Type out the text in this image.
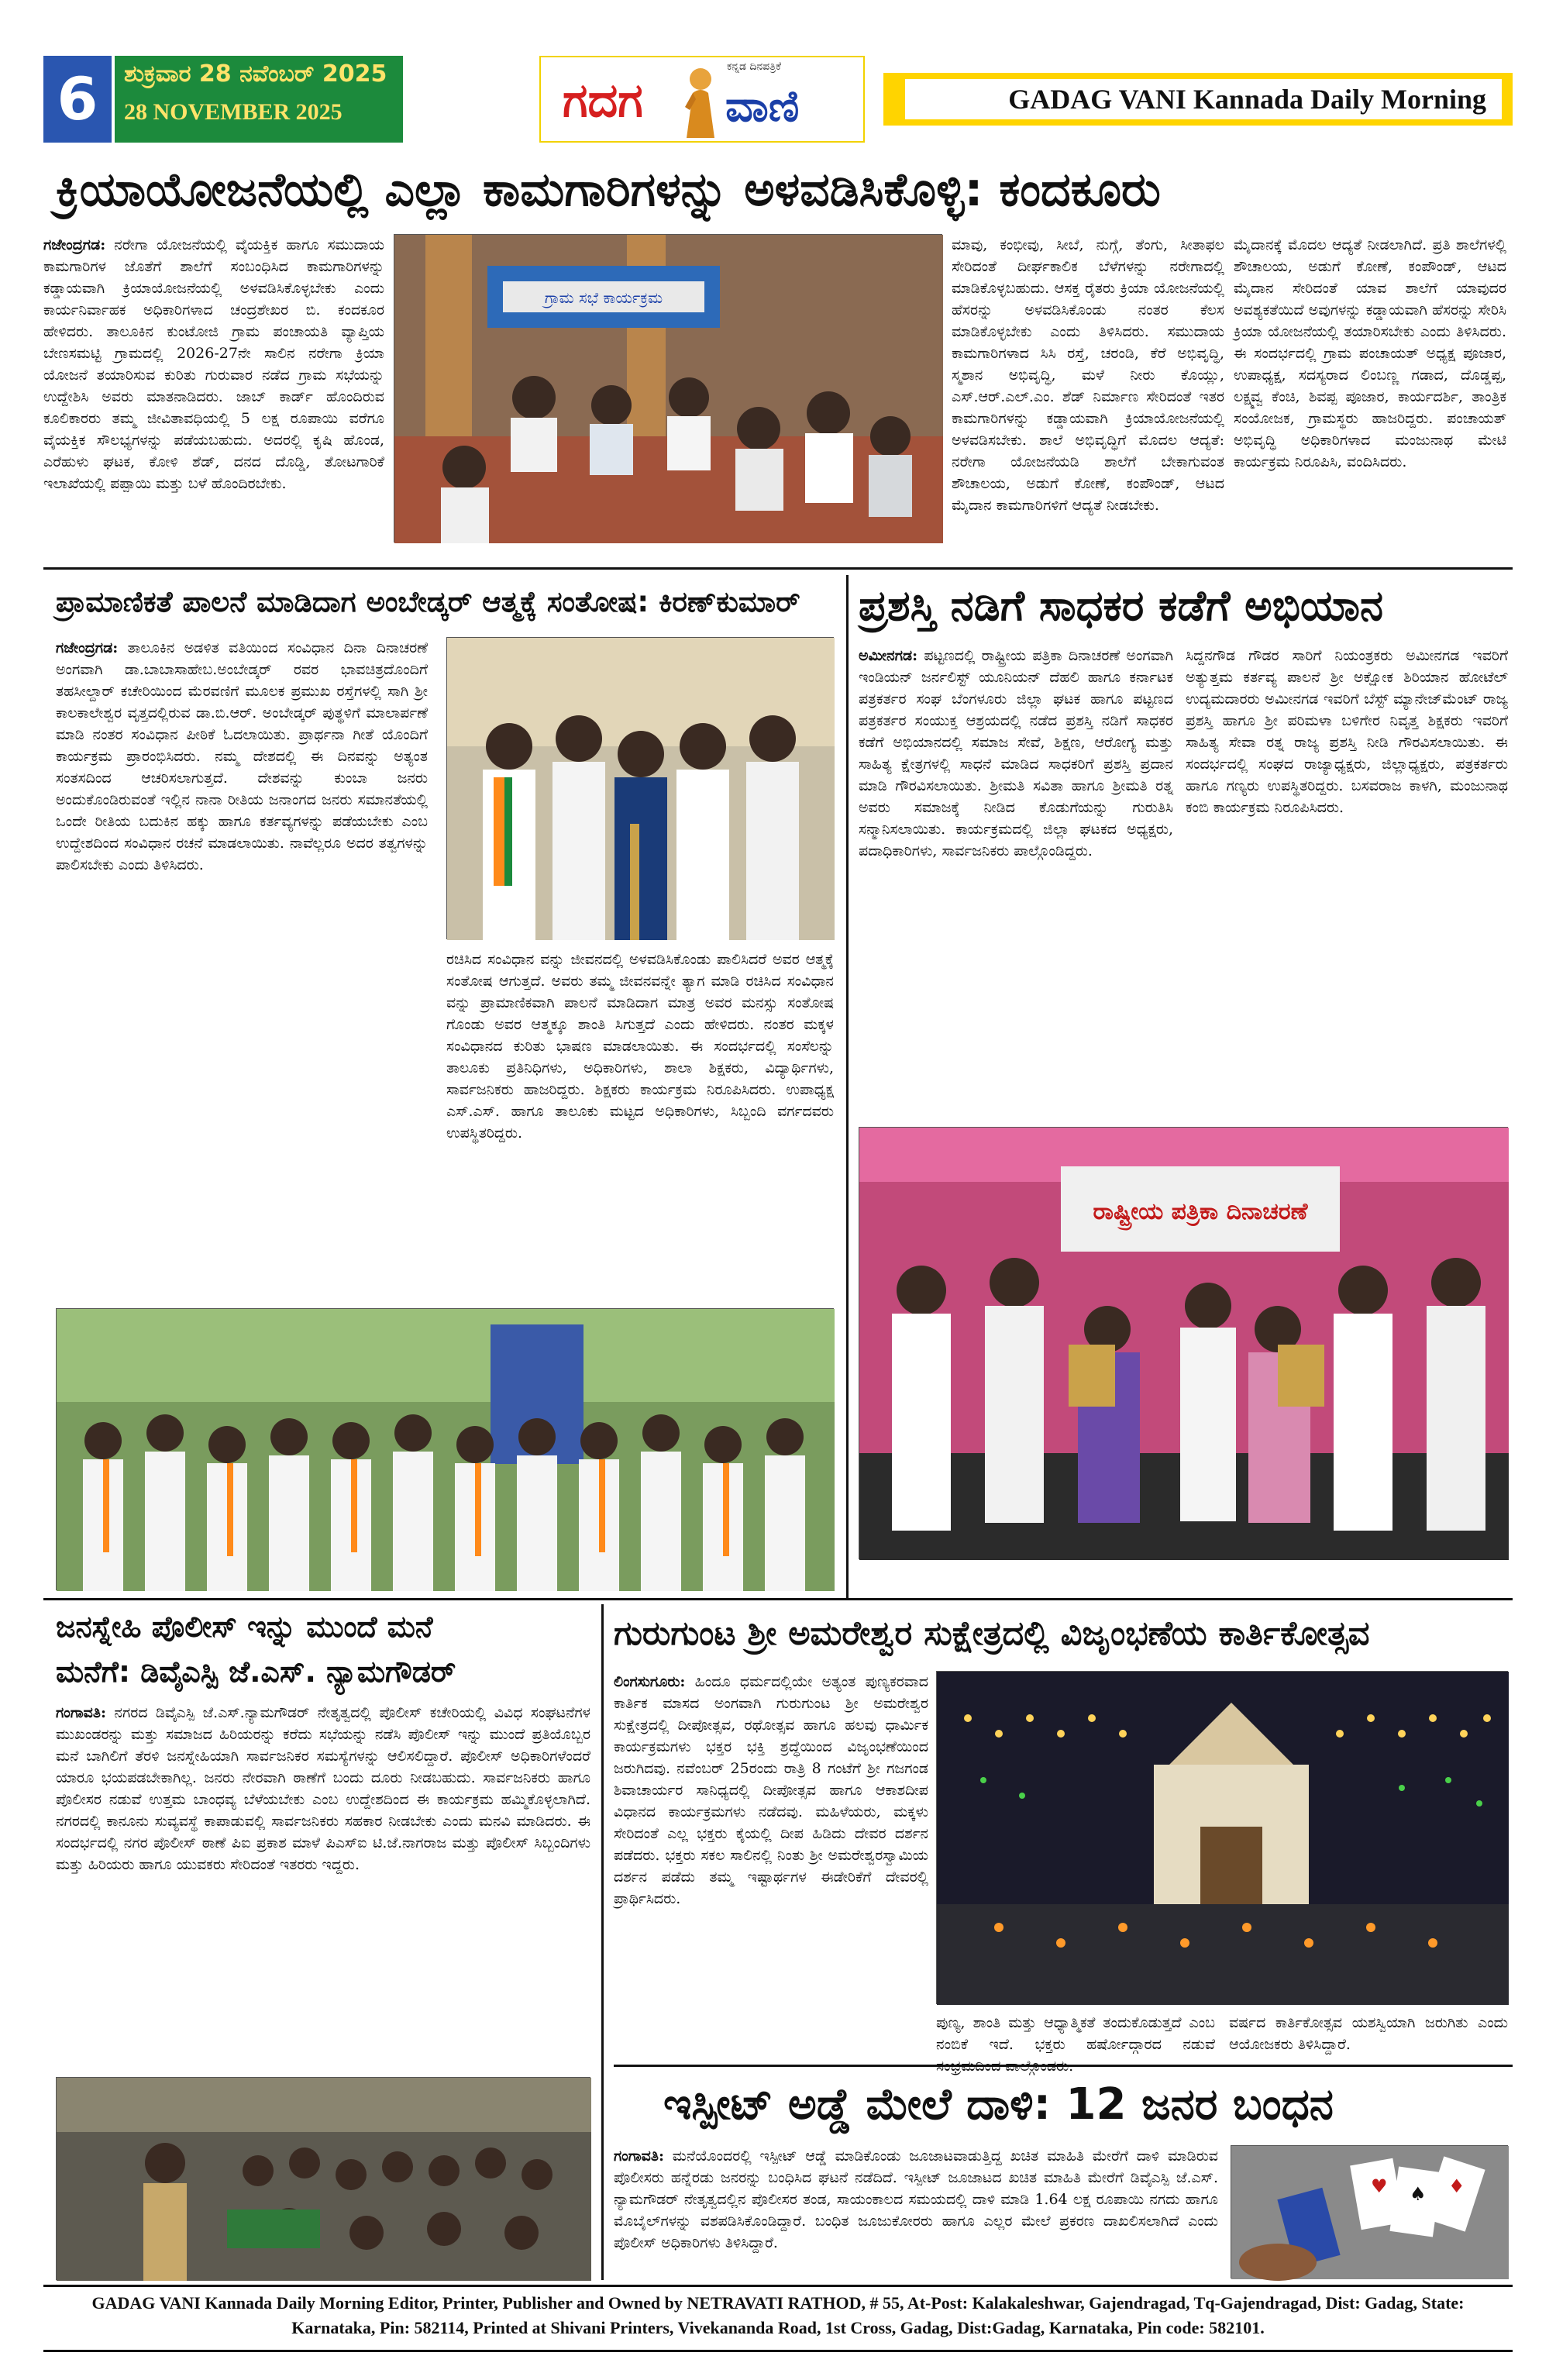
6	ಶುಕ್ರವಾರ 28 ನವೆಂಬರ್ 2025
28 NOVEMBER 2025	ಗದಗ
ಕನ್ನಡ ದಿನಪತ್ರಿಕೆ
ವಾಣಿ	GADAG VANI Kannada Daily Morning
ಕ್ರಿಯಾಯೋಜನೆಯಲ್ಲಿ ಎಲ್ಲಾ ಕಾಮಗಾರಿಗಳನ್ನು ಅಳವಡಿಸಿಕೊಳ್ಳಿ: ಕಂದಕೂರು
ಗಜೇಂದ್ರಗಡ: ನರೇಗಾ ಯೋಜನೆಯಲ್ಲಿ ವೈಯಕ್ತಿಕ ಹಾಗೂ ಸಮುದಾಯ ಕಾಮಗಾರಿಗಳ ಜೊತೆಗೆ ಶಾಲೆಗೆ ಸಂಬಂಧಿಸಿದ ಕಾಮಗಾರಿಗಳನ್ನು ಕಡ್ಡಾಯವಾಗಿ ಕ್ರಿಯಾಯೋಜನೆಯಲ್ಲಿ ಅಳವಡಿಸಿಕೊಳ್ಳಬೇಕು ಎಂದು ಕಾರ್ಯನಿರ್ವಾಹಕ ಅಧಿಕಾರಿಗಳಾದ ಚಂದ್ರಶೇಖರ ಬಿ. ಕಂದಕೂರ ಹೇಳಿದರು. ತಾಲೂಕಿನ ಕುಂಟೋಜಿ ಗ್ರಾಮ ಪಂಚಾಯತಿ ವ್ಯಾಪ್ತಿಯ ಬೇಣಸಮಟ್ಟಿ ಗ್ರಾಮದಲ್ಲಿ 2026-27ನೇ ಸಾಲಿನ ನರೇಗಾ ಕ್ರಿಯಾ ಯೋಜನೆ ತಯಾರಿಸುವ ಕುರಿತು ಗುರುವಾರ ನಡೆದ ಗ್ರಾಮ ಸಭೆಯನ್ನು ಉದ್ದೇಶಿಸಿ ಅವರು ಮಾತನಾಡಿದರು. ಜಾಬ್ ಕಾರ್ಡ್ ಹೊಂದಿರುವ ಕೂಲಿಕಾರರು ತಮ್ಮ ಜೀವಿತಾವಧಿಯಲ್ಲಿ 5 ಲಕ್ಷ ರೂಪಾಯಿ ವರೆಗೂ ವೈಯಕ್ತಿಕ ಸೌಲಭ್ಯಗಳನ್ನು ಪಡೆಯಬಹುದು. ಅದರಲ್ಲಿ ಕೃಷಿ ಹೊಂಡ, ಎರೆಹುಳು ಘಟಕ, ಕೋಳಿ ಶೆಡ್, ದನದ ದೊಡ್ಡಿ, ತೋಟಗಾರಿಕೆ ಇಲಾಖೆಯಲ್ಲಿ ಪಪ್ಪಾಯಿ ಮತ್ತು ಬಳೆ ಹೊಂದಿರಬೇಕು.
ಗ್ರಾಮ ಸಭೆ ಕಾರ್ಯಕ್ರಮ
ಮಾವು, ಕಂಭೀವು, ಸೀಬೆ, ನುಗ್ಗೆ, ತೆಂಗು, ಸೀತಾಫಲ ಸೇರಿದಂತೆ ದೀರ್ಘಕಾಲಿಕ ಬೆಳೆಗಳನ್ನು ನರೇಗಾದಲ್ಲಿ ಮಾಡಿಕೊಳ್ಳಬಹುದು. ಆಸಕ್ತ ರೈತರು ಕ್ರಿಯಾ ಯೋಜನೆಯಲ್ಲಿ ಹೆಸರನ್ನು ಅಳವಡಿಸಿಕೊಂಡು ನಂತರ ಕೆಲಸ ಮಾಡಿಕೊಳ್ಳಬೇಕು ಎಂದು ತಿಳಿಸಿದರು. ಸಮುದಾಯ ಕಾಮಗಾರಿಗಳಾದ ಸಿಸಿ ರಸ್ತೆ, ಚರಂಡಿ, ಕೆರೆ ಅಭಿವೃದ್ಧಿ, ಸ್ಮಶಾನ ಅಭಿವೃದ್ಧಿ, ಮಳೆ ನೀರು ಕೊಯ್ಲು, ಎಸ್.ಆರ್.ಎಲ್.ಎಂ. ಶೆಡ್ ನಿರ್ಮಾಣ ಸೇರಿದಂತೆ ಇತರ ಕಾಮಗಾರಿಗಳನ್ನು ಕಡ್ಡಾಯವಾಗಿ ಕ್ರಿಯಾಯೋಜನೆಯಲ್ಲಿ ಅಳವಡಿಸಬೇಕು. ಶಾಲೆ ಅಭಿವೃದ್ಧಿಗೆ ಮೊದಲ ಆದ್ಯತೆ: ನರೇಗಾ ಯೋಜನೆಯಡಿ ಶಾಲೆಗೆ ಬೇಕಾಗುವಂತ ಶೌಚಾಲಯ, ಅಡುಗೆ ಕೋಣೆ, ಕಂಪೌಂಡ್, ಆಟದ ಮೈದಾನ ಕಾಮಗಾರಿಗಳಿಗೆ ಆದ್ಯತೆ ನೀಡಬೇಕು.
ಮೈದಾನಕ್ಕೆ ಮೊದಲ ಆದ್ಯತೆ ನೀಡಲಾಗಿದೆ. ಪ್ರತಿ ಶಾಲೆಗಳಲ್ಲಿ ಶೌಚಾಲಯ, ಅಡುಗೆ ಕೋಣೆ, ಕಂಪೌಂಡ್, ಆಟದ ಮೈದಾನ ಸೇರಿದಂತೆ ಯಾವ ಶಾಲೆಗೆ ಯಾವುದರ ಅವಶ್ಯಕತೆಯಿದೆ ಅವುಗಳನ್ನು ಕಡ್ಡಾಯವಾಗಿ ಹೆಸರನ್ನು ಸೇರಿಸಿ ಕ್ರಿಯಾ ಯೋಜನೆಯಲ್ಲಿ ತಯಾರಿಸಬೇಕು ಎಂದು ತಿಳಿಸಿದರು. ಈ ಸಂದರ್ಭದಲ್ಲಿ ಗ್ರಾಮ ಪಂಚಾಯತ್ ಅಧ್ಯಕ್ಷ ಪೂಜಾರ, ಉಪಾಧ್ಯಕ್ಷ, ಸದಸ್ಯರಾದ ಲಿಂಬಣ್ಣ ಗಡಾದ, ದೊಡ್ಡಪ್ಪ, ಲಕ್ಷ್ಮವ್ವ ಕೆಂಚಿ, ಶಿವಪ್ಪ ಪೂಜಾರ, ಕಾರ್ಯದರ್ಶಿ, ತಾಂತ್ರಿಕ ಸಂಯೋಜಕ, ಗ್ರಾಮಸ್ಥರು ಹಾಜರಿದ್ದರು. ಪಂಚಾಯತ್ ಅಭಿವೃದ್ಧಿ ಅಧಿಕಾರಿಗಳಾದ ಮಂಜುನಾಥ ಮೇಟಿ ಕಾರ್ಯಕ್ರಮ ನಿರೂಪಿಸಿ, ವಂದಿಸಿದರು.
ಪ್ರಾಮಾಣಿಕತೆ ಪಾಲನೆ ಮಾಡಿದಾಗ ಅಂಬೇಡ್ಕರ್ ಆತ್ಮಕ್ಕೆ ಸಂತೋಷ: ಕಿರಣ್‌ಕುಮಾರ್
ಗಜೇಂದ್ರಗಡ: ತಾಲೂಕಿನ ಅಡಳಿತ ವತಿಯಿಂದ ಸಂವಿಧಾನ ದಿನಾ ದಿನಾಚರಣೆ ಅಂಗವಾಗಿ ಡಾ.ಬಾಬಾಸಾಹೇಬ.ಅಂಬೇಡ್ಕರ್ ರವರ ಭಾವಚಿತ್ರದೊಂದಿಗೆ ತಹಸೀಲ್ದಾರ್ ಕಚೇರಿಯಿಂದ ಮೆರವಣಿಗೆ ಮೂಲಕ ಪ್ರಮುಖ ರಸ್ತೆಗಳಲ್ಲಿ ಸಾಗಿ ಶ್ರೀ ಕಾಲಕಾಲೇಶ್ವರ ವೃತ್ತದಲ್ಲಿರುವ ಡಾ.ಬಿ.ಆರ್. ಅಂಬೇಡ್ಕರ್ ಪುತ್ಥಳಿಗೆ ಮಾಲಾರ್ಪಣೆ ಮಾಡಿ ನಂತರ ಸಂವಿಧಾನ ಪೀಠಿಕೆ ಓದಲಾಯಿತು. ಪ್ರಾರ್ಥನಾ ಗೀತೆ ಯೊಂದಿಗೆ ಕಾರ್ಯಕ್ರಮ ಪ್ರಾರಂಭಿಸಿದರು. ನಮ್ಮ ದೇಶದಲ್ಲಿ ಈ ದಿನವನ್ನು ಅತ್ಯಂತ ಸಂತಸದಿಂದ ಆಚರಿಸಲಾಗುತ್ತದೆ. ದೇಶವನ್ನು ಕುಂಬಾ ಜನರು ಅಂದುಕೊಂಡಿರುವಂತೆ ಇಲ್ಲಿನ ನಾನಾ ರೀತಿಯ ಜನಾಂಗದ ಜನರು ಸಮಾನತೆಯಲ್ಲಿ ಒಂದೇ ರೀತಿಯ ಬದುಕಿನ ಹಕ್ಕು ಹಾಗೂ ಕರ್ತವ್ಯಗಳನ್ನು ಪಡೆಯಬೇಕು ಎಂಬ ಉದ್ದೇಶದಿಂದ ಸಂವಿಧಾನ ರಚನೆ ಮಾಡಲಾಯಿತು. ನಾವೆಲ್ಲರೂ ಅದರ ತತ್ವಗಳನ್ನು ಪಾಲಿಸಬೇಕು ಎಂದು ತಿಳಿಸಿದರು.
ರಚಿಸಿದ ಸಂವಿಧಾನ ವನ್ನು ಜೀವನದಲ್ಲಿ ಅಳವಡಿಸಿಕೊಂಡು ಪಾಲಿಸಿದರೆ ಅವರ ಆತ್ಮಕ್ಕೆ ಸಂತೋಷ ಆಗುತ್ತದೆ. ಅವರು ತಮ್ಮ ಜೀವನವನ್ನೇ ತ್ಯಾಗ ಮಾಡಿ ರಚಿಸಿದ ಸಂವಿಧಾನ ವನ್ನು ಪ್ರಾಮಾಣಿಕವಾಗಿ ಪಾಲನೆ ಮಾಡಿದಾಗ ಮಾತ್ರ ಅವರ ಮನಸ್ಸು ಸಂತೋಷ ಗೊಂಡು ಅವರ ಆತ್ಮಕ್ಕೂ ಶಾಂತಿ ಸಿಗುತ್ತದೆ ಎಂದು ಹೇಳಿದರು. ನಂತರ ಮಕ್ಕಳ ಸಂವಿಧಾನದ ಕುರಿತು ಭಾಷಣ ಮಾಡಲಾಯಿತು. ಈ ಸಂದರ್ಭದಲ್ಲಿ ಸಂಸೆಲನ್ನು ತಾಲೂಕು ಪ್ರತಿನಿಧಿಗಳು, ಅಧಿಕಾರಿಗಳು, ಶಾಲಾ ಶಿಕ್ಷಕರು, ವಿದ್ಯಾರ್ಥಿಗಳು, ಸಾರ್ವಜನಿಕರು ಹಾಜರಿದ್ದರು. ಶಿಕ್ಷಕರು ಕಾರ್ಯಕ್ರಮ ನಿರೂಪಿಸಿದರು. ಉಪಾಧ್ಯಕ್ಷ ಎಸ್.ಎಸ್. ಹಾಗೂ ತಾಲೂಕು ಮಟ್ಟದ ಅಧಿಕಾರಿಗಳು, ಸಿಬ್ಬಂದಿ ವರ್ಗದವರು ಉಪಸ್ಥಿತರಿದ್ದರು.
ಪ್ರಶಸ್ತಿ ನಡಿಗೆ ಸಾಧಕರ ಕಡೆಗೆ ಅಭಿಯಾನ
ಅಮೀನಗಡ: ಪಟ್ಟಣದಲ್ಲಿ ರಾಷ್ಟ್ರೀಯ ಪತ್ರಿಕಾ ದಿನಾಚರಣೆ ಅಂಗವಾಗಿ ಇಂಡಿಯನ್ ಜರ್ನಲಿಸ್ಟ್ ಯೂನಿಯನ್ ದೆಹಲಿ ಹಾಗೂ ಕರ್ನಾಟಕ ಪತ್ರಕರ್ತರ ಸಂಘ ಬೆಂಗಳೂರು ಜಿಲ್ಲಾ ಘಟಕ ಹಾಗೂ ಪಟ್ಟಣದ ಪತ್ರಕರ್ತರ ಸಂಯುಕ್ತ ಆಶ್ರಯದಲ್ಲಿ ನಡೆದ ಪ್ರಶಸ್ತಿ ನಡಿಗೆ ಸಾಧಕರ ಕಡೆಗೆ ಅಭಿಯಾನದಲ್ಲಿ ಸಮಾಜ ಸೇವೆ, ಶಿಕ್ಷಣ, ಆರೋಗ್ಯ ಮತ್ತು ಸಾಹಿತ್ಯ ಕ್ಷೇತ್ರಗಳಲ್ಲಿ ಸಾಧನೆ ಮಾಡಿದ ಸಾಧಕರಿಗೆ ಪ್ರಶಸ್ತಿ ಪ್ರದಾನ ಮಾಡಿ ಗೌರವಿಸಲಾಯಿತು. ಶ್ರೀಮತಿ ಸವಿತಾ ಹಾಗೂ ಶ್ರೀಮತಿ ರತ್ನ ಅವರು ಸಮಾಜಕ್ಕೆ ನೀಡಿದ ಕೊಡುಗೆಯನ್ನು ಗುರುತಿಸಿ ಸನ್ಮಾನಿಸಲಾಯಿತು. ಕಾರ್ಯಕ್ರಮದಲ್ಲಿ ಜಿಲ್ಲಾ ಘಟಕದ ಅಧ್ಯಕ್ಷರು, ಪದಾಧಿಕಾರಿಗಳು, ಸಾರ್ವಜನಿಕರು ಪಾಲ್ಗೊಂಡಿದ್ದರು.
ಸಿದ್ದನಗೌಡ ಗೌಡರ ಸಾರಿಗೆ ನಿಯಂತ್ರಕರು ಅಮೀನಗಡ ಇವರಿಗೆ ಅತ್ಯುತ್ತಮ ಕರ್ತವ್ಯ ಪಾಲನೆ ಶ್ರೀ ಅಕ್ಷೋಕ ಶಿರಿಯಾನ ಹೋಟೆಲ್ ಉದ್ಯಮದಾರರು ಅಮೀನಗಡ ಇವರಿಗೆ ಬೆಸ್ಟ್ ಮ್ಯಾನೇಜ್‌ಮೆಂಟ್ ರಾಜ್ಯ ಪ್ರಶಸ್ತಿ ಹಾಗೂ ಶ್ರೀ ಪರಿಮಳಾ ಬಳಿಗೇರ ನಿವೃತ್ತ ಶಿಕ್ಷಕರು ಇವರಿಗೆ ಸಾಹಿತ್ಯ ಸೇವಾ ರತ್ನ ರಾಜ್ಯ ಪ್ರಶಸ್ತಿ ನೀಡಿ ಗೌರವಿಸಲಾಯಿತು. ಈ ಸಂದರ್ಭದಲ್ಲಿ ಸಂಘದ ರಾಜ್ಯಾಧ್ಯಕ್ಷರು, ಜಿಲ್ಲಾಧ್ಯಕ್ಷರು, ಪತ್ರಕರ್ತರು ಹಾಗೂ ಗಣ್ಯರು ಉಪಸ್ಥಿತರಿದ್ದರು. ಬಸವರಾಜ ಕಾಳಗಿ, ಮಂಜುನಾಥ ಕಂಬಿ ಕಾರ್ಯಕ್ರಮ ನಿರೂಪಿಸಿದರು.
ರಾಷ್ಟ್ರೀಯ ಪತ್ರಿಕಾ ದಿನಾಚರಣೆ
ಜನಸ್ನೇಹಿ ಪೊಲೀಸ್ ಇನ್ನು ಮುಂದೆ ಮನೆ
ಮನೆಗೆ: ಡಿವೈಎಸ್ಪಿ ಜೆ.ಎಸ್. ನ್ಯಾಮಗೌಡರ್
ಗಂಗಾವತಿ: ನಗರದ ಡಿವೈಎಸ್ಪಿ ಜೆ.ಎಸ್.ನ್ಯಾಮಗೌಡರ್ ನೇತೃತ್ವದಲ್ಲಿ ಪೊಲೀಸ್ ಕಚೇರಿಯಲ್ಲಿ ವಿವಿಧ ಸಂಘಟನೆಗಳ ಮುಖಂಡರನ್ನು ಮತ್ತು ಸಮಾಜದ ಹಿರಿಯರನ್ನು ಕರೆದು ಸಭೆಯನ್ನು ನಡೆಸಿ ಪೊಲೀಸ್ ಇನ್ನು ಮುಂದೆ ಪ್ರತಿಯೊಬ್ಬರ ಮನೆ ಬಾಗಿಲಿಗೆ ತೆರಳಿ ಜನಸ್ನೇಹಿಯಾಗಿ ಸಾರ್ವಜನಿಕರ ಸಮಸ್ಯೆಗಳನ್ನು ಆಲಿಸಲಿದ್ದಾರೆ. ಪೊಲೀಸ್ ಅಧಿಕಾರಿಗಳೆಂದರೆ ಯಾರೂ ಭಯಪಡಬೇಕಾಗಿಲ್ಲ. ಜನರು ನೇರವಾಗಿ ಠಾಣೆಗೆ ಬಂದು ದೂರು ನೀಡಬಹುದು. ಸಾರ್ವಜನಿಕರು ಹಾಗೂ ಪೊಲೀಸರ ನಡುವೆ ಉತ್ತಮ ಬಾಂಧವ್ಯ ಬೆಳೆಯಬೇಕು ಎಂಬ ಉದ್ದೇಶದಿಂದ ಈ ಕಾರ್ಯಕ್ರಮ ಹಮ್ಮಿಕೊಳ್ಳಲಾಗಿದೆ. ನಗರದಲ್ಲಿ ಕಾನೂನು ಸುವ್ಯವಸ್ಥೆ ಕಾಪಾಡುವಲ್ಲಿ ಸಾರ್ವಜನಿಕರು ಸಹಕಾರ ನೀಡಬೇಕು ಎಂದು ಮನವಿ ಮಾಡಿದರು. ಈ ಸಂದರ್ಭದಲ್ಲಿ ನಗರ ಪೊಲೀಸ್ ಠಾಣೆ ಪಿಐ ಪ್ರಕಾಶ ಮಾಳೆ ಪಿಎಸ್ಐ ಟಿ.ಜೆ.ನಾಗರಾಜ ಮತ್ತು ಪೊಲೀಸ್ ಸಿಬ್ಬಂದಿಗಳು ಮತ್ತು ಹಿರಿಯರು ಹಾಗೂ ಯುವಕರು ಸೇರಿದಂತೆ ಇತರರು ಇದ್ದರು.
ಗುರುಗುಂಟ ಶ್ರೀ ಅಮರೇಶ್ವರ ಸುಕ್ಷೇತ್ರದಲ್ಲಿ ವಿಜೃಂಭಣೆಯ ಕಾರ್ತಿಕೋತ್ಸವ
ಲಿಂಗಸುಗೂರು: ಹಿಂದೂ ಧರ್ಮದಲ್ಲಿಯೇ ಅತ್ಯಂತ ಪುಣ್ಯಕರವಾದ ಕಾರ್ತಿಕ ಮಾಸದ ಅಂಗವಾಗಿ ಗುರುಗುಂಟ ಶ್ರೀ ಅಮರೇಶ್ವರ ಸುಕ್ಷೇತ್ರದಲ್ಲಿ ದೀಪೋತ್ಸವ, ರಥೋತ್ಸವ ಹಾಗೂ ಹಲವು ಧಾರ್ಮಿಕ ಕಾರ್ಯಕ್ರಮಗಳು ಭಕ್ತರ ಭಕ್ತಿ ಶ್ರದ್ಧೆಯಿಂದ ವಿಜೃಂಭಣೆಯಿಂದ ಜರುಗಿದವು. ನವೆಂಬರ್ 25ರಂದು ರಾತ್ರಿ 8 ಗಂಟೆಗೆ ಶ್ರೀ ಗಜಗಂಡ ಶಿವಾಚಾರ್ಯರ ಸಾನಿಧ್ಯದಲ್ಲಿ ದೀಪೋತ್ಸವ ಹಾಗೂ ಆಕಾಶದೀಪ ವಿಧಾನದ ಕಾರ್ಯಕ್ರಮಗಳು ನಡೆದವು. ಮಹಿಳೆಯರು, ಮಕ್ಕಳು ಸೇರಿದಂತೆ ಎಲ್ಲ ಭಕ್ತರು ಕೈಯಲ್ಲಿ ದೀಪ ಹಿಡಿದು ದೇವರ ದರ್ಶನ ಪಡೆದರು. ಭಕ್ತರು ಸಕಲ ಸಾಲಿನಲ್ಲಿ ನಿಂತು ಶ್ರೀ ಅಮರೇಶ್ವರಸ್ವಾಮಿಯ ದರ್ಶನ ಪಡೆದು ತಮ್ಮ ಇಷ್ಟಾರ್ಥಗಳ ಈಡೇರಿಕೆಗೆ ದೇವರಲ್ಲಿ ಪ್ರಾರ್ಥಿಸಿದರು.
ಪುಣ್ಯ, ಶಾಂತಿ ಮತ್ತು ಆಧ್ಯಾತ್ಮಿಕತೆ ತಂದುಕೊಡುತ್ತದೆ ಎಂಬ ನಂಬಿಕೆ ಇದೆ. ಭಕ್ತರು ಹರ್ಷೋದ್ಗಾರದ ನಡುವೆ
ವರ್ಷದ ಕಾರ್ತಿಕೋತ್ಸವ ಯಶಸ್ವಿಯಾಗಿ ಜರುಗಿತು ಎಂದು ಆಯೋಜಕರು ತಿಳಿಸಿದ್ದಾರೆ.
ಇಸ್ಪೀಟ್ ಅಡ್ಡೆ ಮೇಲೆ ದಾಳಿ: 12 ಜನರ ಬಂಧನ
ಗಂಗಾವತಿ: ಮನೆಯೊಂದರಲ್ಲಿ ಇಸ್ಪೀಟ್ ಆಡ್ಡೆ ಮಾಡಿಕೊಂಡು ಜೂಜಾಟವಾಡುತ್ತಿದ್ದ ಖಚಿತ ಮಾಹಿತಿ ಮೇರೆಗೆ ದಾಳಿ ಮಾಡಿರುವ ಪೊಲೀಸರು ಹನ್ನೆರಡು ಜನರನ್ನು ಬಂಧಿಸಿದ ಘಟನೆ ನಡೆದಿದೆ. ಇಸ್ಪೀಟ್ ಜೂಜಾಟದ ಖಚಿತ ಮಾಹಿತಿ ಮೇರೆಗೆ ಡಿವೈಎಸ್ಪಿ ಜೆ.ಎಸ್. ನ್ಯಾಮಗೌಡರ್ ನೇತೃತ್ವದಲ್ಲಿನ ಪೊಲೀಸರ ತಂಡ, ಸಾಯಂಕಾಲದ ಸಮಯದಲ್ಲಿ ದಾಳಿ ಮಾಡಿ 1.64 ಲಕ್ಷ ರೂಪಾಯಿ ನಗದು ಹಾಗೂ ಮೊಬೈಲ್‌ಗಳನ್ನು ವಶಪಡಿಸಿಕೊಂಡಿದ್ದಾರೆ. ಬಂಧಿತ ಜೂಜುಕೋರರು ಹಾಗೂ ಎಲ್ಲರ ಮೇಲೆ ಪ್ರಕರಣ ದಾಖಲಿಸಲಾಗಿದೆ ಎಂದು ಪೊಲೀಸ್ ಅಧಿಕಾರಿಗಳು ತಿಳಿಸಿದ್ದಾರೆ.
♥ ♠ ♦
GADAG VANI Kannada Daily Morning Editor, Printer, Publisher and Owned by NETRAVATI RATHOD, # 55, At-Post: Kalakaleshwar, Gajendragad, Tq-Gajendragad, Dist: Gadag, State:
Karnataka, Pin: 582114, Printed at Shivani Printers, Vivekananda Road, 1st Cross, Gadag, Dist:Gadag, Karnataka, Pin code: 582101.
